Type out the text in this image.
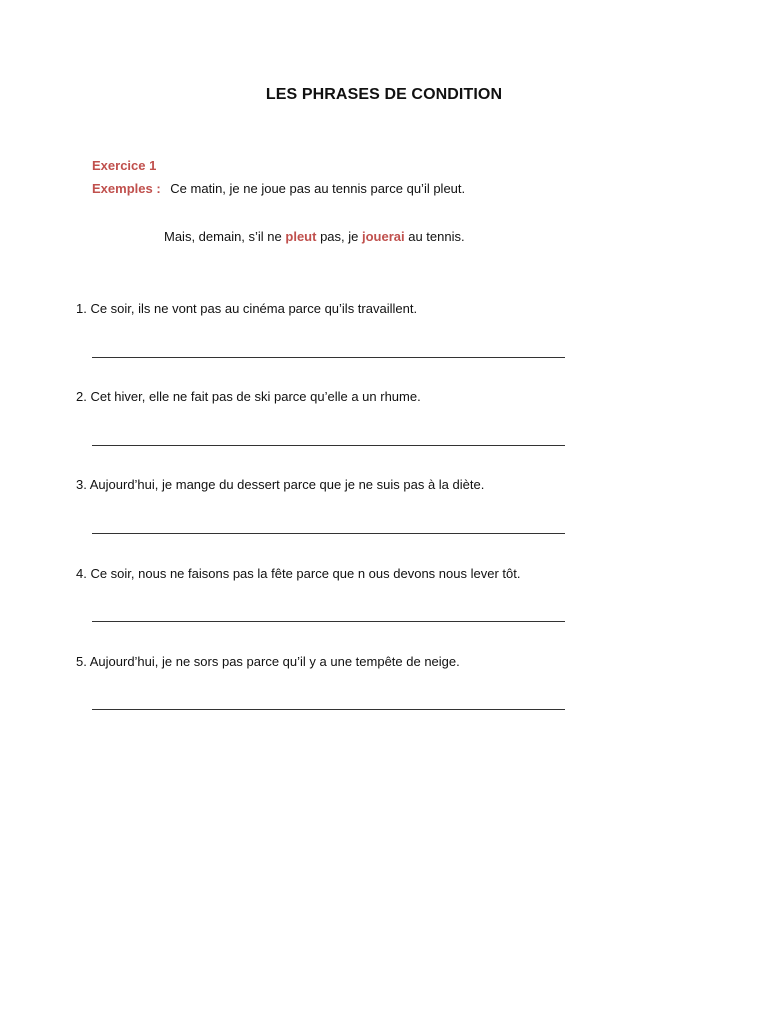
LES PHRASES DE CONDITION
Exercice 1
Exemples : Ce matin, je ne joue pas au tennis parce qu’il pleut.
Mais, demain, s’il ne pleut pas, je jouerai au tennis.
1. Ce soir, ils ne vont pas au cinéma parce qu’ils travaillent.
2. Cet hiver, elle ne fait pas de ski parce qu’elle a un rhume.
3. Aujourd’hui, je mange du dessert parce que je ne suis pas à la diète.
4. Ce soir, nous ne faisons pas la fête parce que n ous devons nous lever tôt.
5. Aujourd’hui, je ne sors pas parce qu’il y a une tempête de neige.
